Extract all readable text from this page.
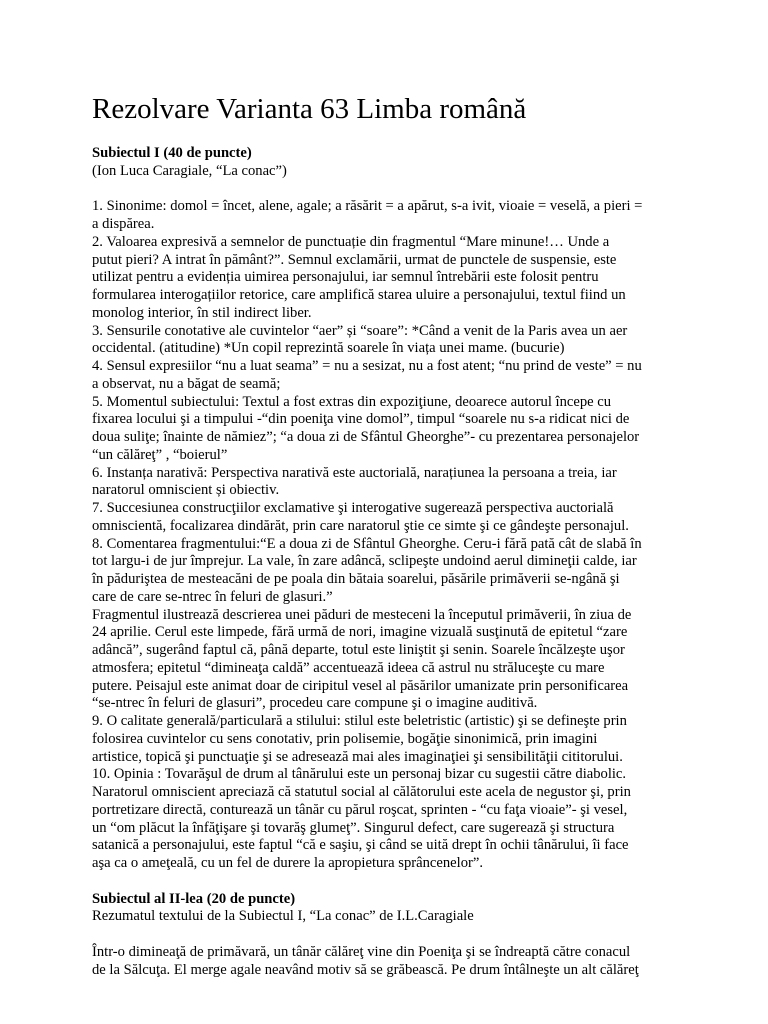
Rezolvare Varianta 63 Limba română
Subiectul I (40 de puncte)
(Ion Luca Caragiale, “La conac”)
1. Sinonime: domol = încet, alene, agale; a răsărit = a apărut, s-a ivit, vioaie = veselă, a pieri =
a dispărea.
2. Valoarea expresivă a semnelor de punctuație din fragmentul “Mare minune!… Unde a
putut pieri? A intrat în pământ?”. Semnul exclamării, urmat de punctele de suspensie, este
utilizat pentru a evidenția uimirea personajului, iar semnul întrebării este folosit pentru
formularea interogațiilor retorice, care amplifică starea uluire a personajului, textul fiind un
monolog interior, în stil indirect liber.
3. Sensurile conotative ale cuvintelor “aer” și “soare”: *Când a venit de la Paris avea un aer
occidental. (atitudine) *Un copil reprezintă soarele în viața unei mame. (bucurie)
4. Sensul expresiilor “nu a luat seama” = nu a sesizat, nu a fost atent; “nu prind de veste” = nu
a observat, nu a băgat de seamă;
5. Momentul subiectului: Textul a fost extras din expoziţiune, deoarece autorul începe cu
fixarea locului şi a timpului -“din poeniţa vine domol”, timpul “soarele nu s-a ridicat nici de
doua suliţe; înainte de nămiez”; “a doua zi de Sfântul Gheorghe”- cu prezentarea personajelor
“un călăreţ” , “boierul”
6. Instanța narativă: Perspectiva narativă este auctorială, narațiunea la persoana a treia, iar
naratorul omniscient și obiectiv.
7. Succesiunea construcţiilor exclamative şi interogative sugerează perspectiva auctorială
omniscientă, focalizarea dindărăt, prin care naratorul ştie ce simte şi ce gândeşte personajul.
8. Comentarea fragmentului:“E a doua zi de Sfântul Gheorghe. Ceru-i fără pată cât de slabă în
tot largu-i de jur împrejur. La vale, în zare adâncă, sclipeşte undoind aerul dimineţii calde, iar
în păduriştea de mesteacăni de pe poala din bătaia soarelui, păsările primăverii se-ngână şi
care de care se-ntrec în feluri de glasuri.”
Fragmentul ilustrează descrierea unei păduri de mesteceni la începutul primăverii, în ziua de
24 aprilie. Cerul este limpede, fără urmă de nori, imagine vizuală susţinută de epitetul “zare
adâncă”, sugerând faptul că, până departe, totul este liniştit şi senin. Soarele încălzeşte uşor
atmosfera; epitetul “dimineaţa caldă” accentuează ideea că astrul nu străluceşte cu mare
putere. Peisajul este animat doar de ciripitul vesel al păsărilor umanizate prin personificarea
“se-ntrec în feluri de glasuri”, procedeu care compune şi o imagine auditivă.
9. O calitate generală/particulară a stilului: stilul este beletristic (artistic) şi se defineşte prin
folosirea cuvintelor cu sens conotativ, prin polisemie, bogăţie sinonimică, prin imagini
artistice, topică şi punctuaţie şi se adresează mai ales imaginaţiei şi sensibilităţii cititorului.
10. Opinia : Tovarăşul de drum al tânărului este un personaj bizar cu sugestii către diabolic.
Naratorul omniscient apreciază că statutul social al călătorului este acela de negustor şi, prin
portretizare directă, conturează un tânăr cu părul roşcat, sprinten - “cu faţa vioaie”- şi vesel,
un “om plăcut la înfăţişare şi tovarăş glumeţ”. Singurul defect, care sugerează şi structura
satanică a personajului, este faptul “că e saşiu, şi când se uită drept în ochii tânărului, îi face
aşa ca o ameţeală, cu un fel de durere la apropietura sprâncenelor”.
Subiectul al II-lea (20 de puncte)
Rezumatul textului de la Subiectul I, “La conac” de I.L.Caragiale
Într-o dimineaţă de primăvară, un tânăr călăreţ vine din Poeniţa şi se îndreaptă către conacul
de la Sălcuţa. El merge agale neavând motiv să se grăbească. Pe drum întâlneşte un alt călăreţ
